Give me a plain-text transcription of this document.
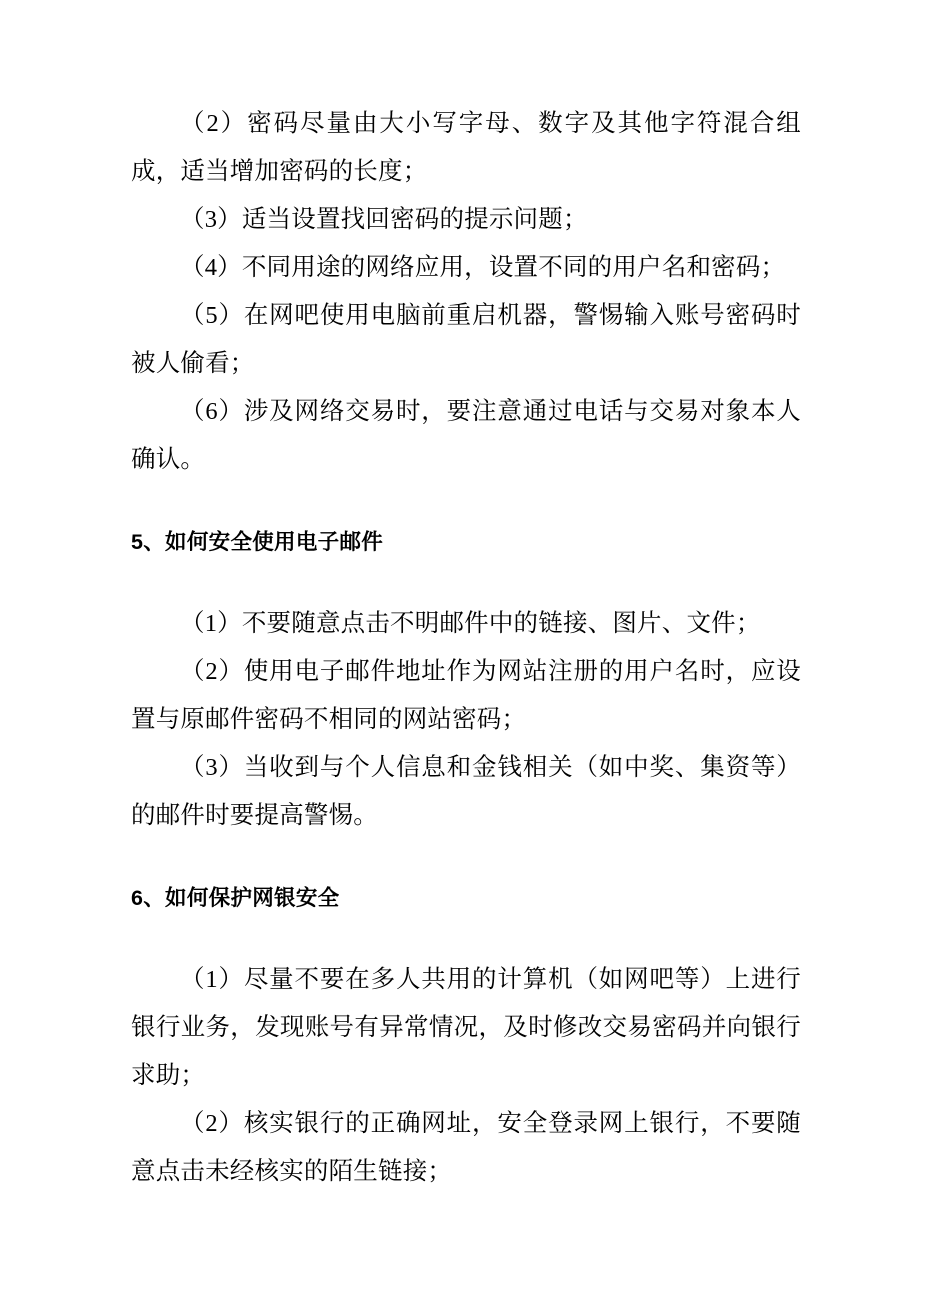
（2）密码尽量由大小写字母、数字及其他字符混合组成，适当增加密码的长度；

（3）适当设置找回密码的提示问题；

（4）不同用途的网络应用，设置不同的用户名和密码；

（5）在网吧使用电脑前重启机器，警惕输入账号密码时被人偷看；

（6）涉及网络交易时，要注意通过电话与交易对象本人确认。

5、如何安全使用电子邮件

（1）不要随意点击不明邮件中的链接、图片、文件；

（2）使用电子邮件地址作为网站注册的用户名时，应设置与原邮件密码不相同的网站密码；

（3）当收到与个人信息和金钱相关（如中奖、集资等）的邮件时要提高警惕。

6、如何保护网银安全

（1）尽量不要在多人共用的计算机（如网吧等）上进行银行业务，发现账号有异常情况，及时修改交易密码并向银行求助；

（2）核实银行的正确网址，安全登录网上银行，不要随意点击未经核实的陌生链接；
